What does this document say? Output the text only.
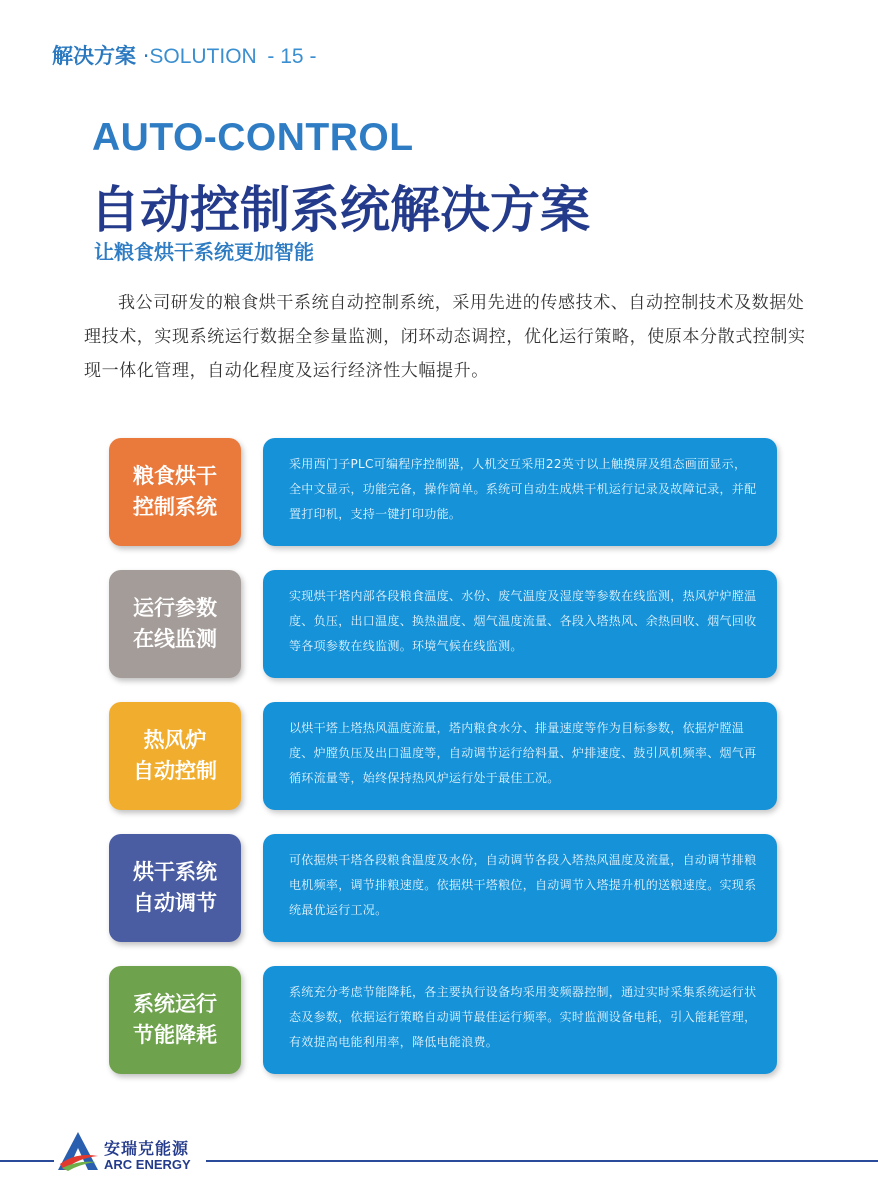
解决方案 ·SOLUTION - 15 -
AUTO-CONTROL
自动控制系统解决方案
让粮食烘干系统更加智能
我公司研发的粮食烘干系统自动控制系统，采用先进的传感技术、自动控制技术及数据处理技术，实现系统运行数据全参量监测，闭环动态调控，优化运行策略，使原本分散式控制实现一体化管理，自动化程度及运行经济性大幅提升。
粮食烘干
控制系统
采用西门子PLC可编程序控制器，人机交互采用22英寸以上触摸屏及组态画面显示，全中文显示，功能完备，操作简单。系统可自动生成烘干机运行记录及故障记录，并配置打印机，支持一键打印功能。
运行参数
在线监测
实现烘干塔内部各段粮食温度、水份、废气温度及湿度等参数在线监测，热风炉炉膛温度、负压，出口温度、换热温度、烟气温度流量、各段入塔热风、余热回收、烟气回收等各项参数在线监测。环境气候在线监测。
热风炉
自动控制
以烘干塔上塔热风温度流量，塔内粮食水分、排量速度等作为目标参数，依据炉膛温度、炉膛负压及出口温度等，自动调节运行给料量、炉排速度、鼓引风机频率、烟气再循环流量等，始终保持热风炉运行处于最佳工况。
烘干系统
自动调节
可依据烘干塔各段粮食温度及水份，自动调节各段入塔热风温度及流量，自动调节排粮电机频率，调节排粮速度。依据烘干塔粮位，自动调节入塔提升机的送粮速度。实现系统最优运行工况。
系统运行
节能降耗
系统充分考虑节能降耗，各主要执行设备均采用变频器控制，通过实时采集系统运行状态及参数，依据运行策略自动调节最佳运行频率。实时监测设备电耗，引入能耗管理，有效提高电能利用率，降低电能浪费。
安瑞克能源
ARC ENERGY
